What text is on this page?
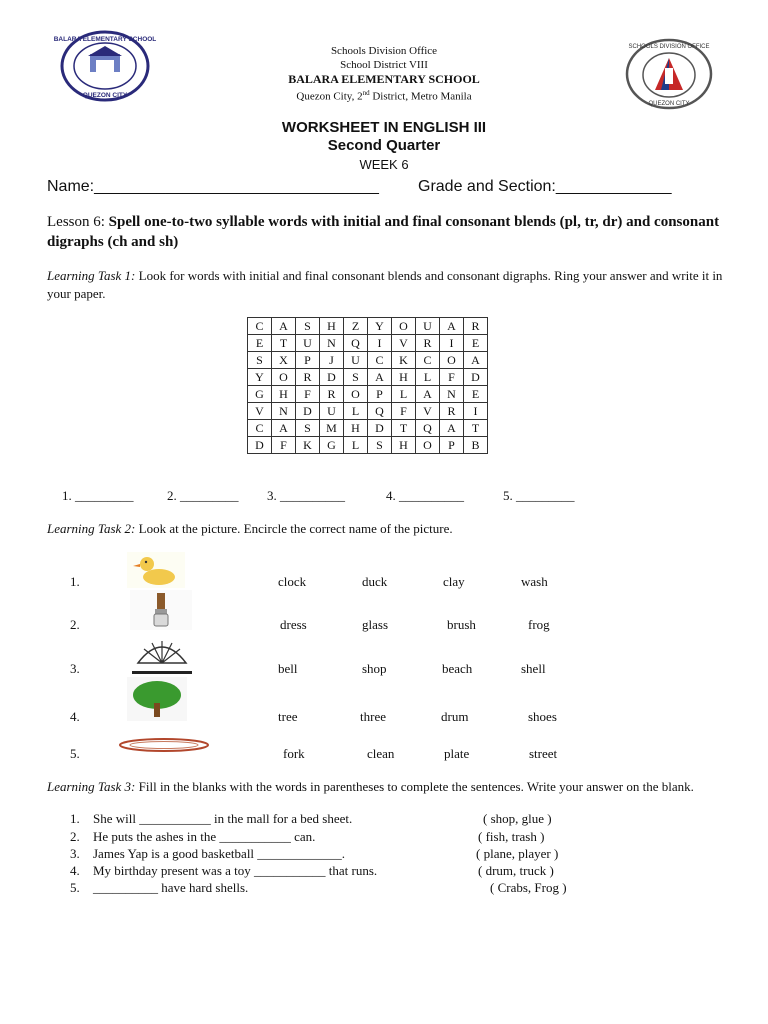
BALARA ELEMENTARY SCHOOL
QUEZON CITY
SCHOOLS DIVISION OFFICE
QUEZON CITY
Schools Division Office
School District VIII
BALARA ELEMENTARY SCHOOL
Quezon City, 2nd District, Metro Manila
WORKSHEET IN ENGLISH III
Second Quarter
WEEK 6
Name:________________________________ Grade and Section:_____________
Lesson 6: Spell one-to-two syllable words with initial and final consonant blends (pl, tr, dr) and consonant digraphs (ch and sh)
Learning Task 1: Look for words with initial and final consonant blends and consonant digraphs. Ring your answer and write it in your paper.
C	A	S	H	Z	Y	O	U	A	R
E	T	U	N	Q	I	V	R	I	E
S	X	P	J	U	C	K	C	O	A
Y	O	R	D	S	A	H	L	F	D
G	H	F	R	O	P	L	A	N	E
V	N	D	U	L	Q	F	V	R	I
C	A	S	M	H	D	T	Q	A	T
D	F	K	G	L	S	H	O	P	B
1. _________	2. _________ 3. __________	4. __________	5. _________
Learning Task 2: Look at the picture. Encircle the correct name of the picture.
1.	clock	duck	clay	wash
2.	dress	glass	brush	frog
3.	bell	shop	beach	shell
4.	tree	three	drum	shoes
5.	fork	clean	plate	street
Learning Task 3: Fill in the blanks with the words in parentheses to complete the sentences. Write your answer on the blank.
1. She will ___________ in the mall for a bed sheet.	( shop, glue )
2. He puts the ashes in the ___________ can.	( fish, trash )
3. James Yap is a good basketball _____________.	( plane, player )
4. My birthday present was a toy ___________ that runs.	( drum, truck )
5. __________ have hard shells.	( Crabs, Frog )
